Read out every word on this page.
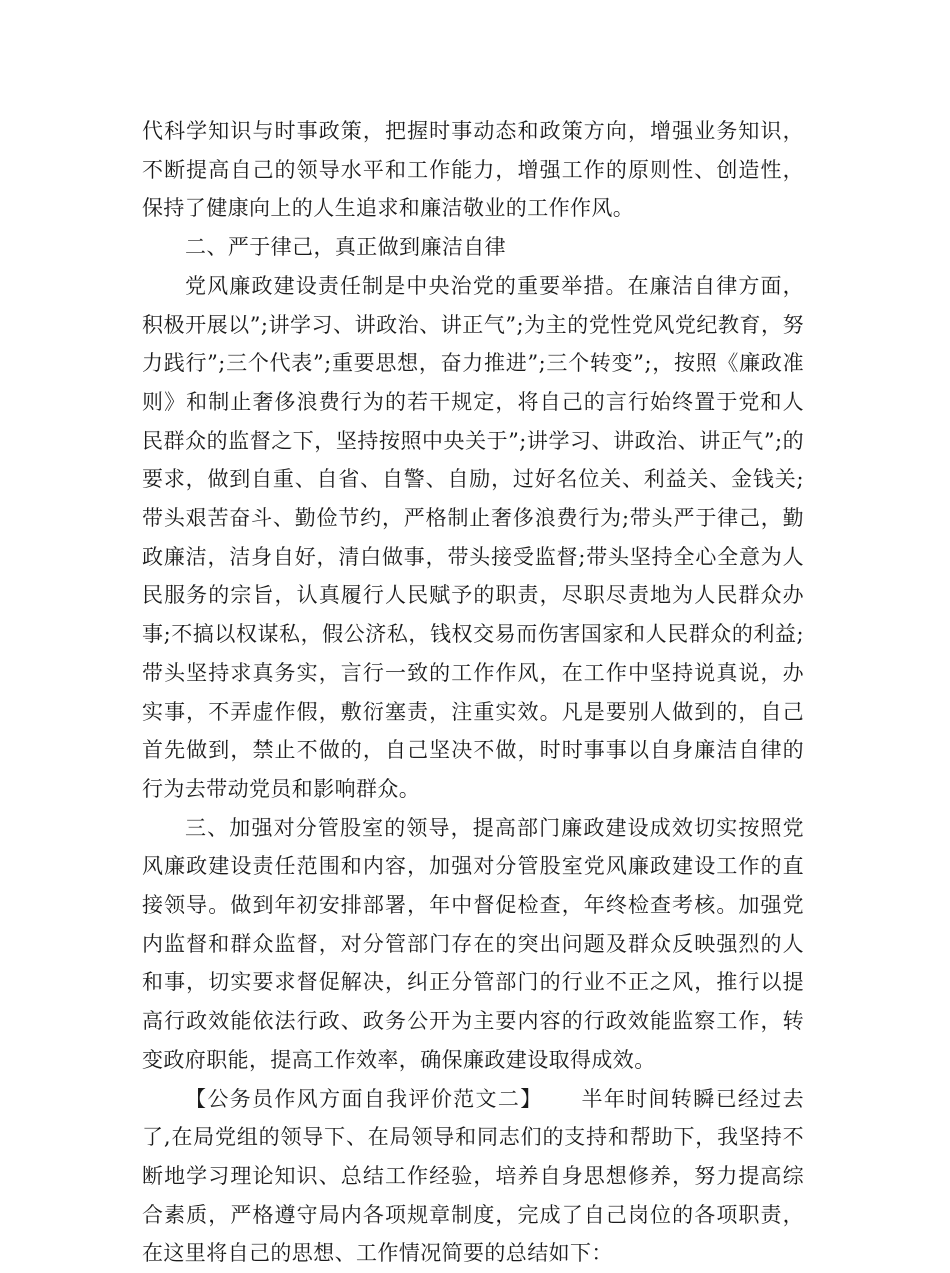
代科学知识与时事政策，把握时事动态和政策方向，增强业务知识，不断提高自己的领导水平和工作能力，增强工作的原则性、创造性，保持了健康向上的人生追求和廉洁敬业的工作作风。

二、严于律己，真正做到廉洁自律

党风廉政建设责任制是中央治党的重要举措。在廉洁自律方面，积极开展以”;讲学习、讲政治、讲正气”;为主的党性党风党纪教育，努力践行”;三个代表”;重要思想，奋力推进”;三个转变”;，按照《廉政准则》和制止奢侈浪费行为的若干规定，将自己的言行始终置于党和人民群众的监督之下，坚持按照中央关于”;讲学习、讲政治、讲正气”;的要求，做到自重、自省、自警、自励，过好名位关、利益关、金钱关;带头艰苦奋斗、勤俭节约，严格制止奢侈浪费行为;带头严于律己，勤政廉洁，洁身自好，清白做事，带头接受监督;带头坚持全心全意为人民服务的宗旨，认真履行人民赋予的职责，尽职尽责地为人民群众办事;不搞以权谋私，假公济私，钱权交易而伤害国家和人民群众的利益;带头坚持求真务实，言行一致的工作作风，在工作中坚持说真说，办实事，不弄虚作假，敷衍塞责，注重实效。凡是要别人做到的，自己首先做到，禁止不做的，自己坚决不做，时时事事以自身廉洁自律的行为去带动党员和影响群众。

三、加强对分管股室的领导，提高部门廉政建设成效切实按照党风廉政建设责任范围和内容，加强对分管股室党风廉政建设工作的直接领导。做到年初安排部署，年中督促检查，年终检查考核。加强党内监督和群众监督，对分管部门存在的突出问题及群众反映强烈的人和事，切实要求督促解决，纠正分管部门的行业不正之风，推行以提高行政效能依法行政、政务公开为主要内容的行政效能监察工作，转变政府职能，提高工作效率，确保廉政建设取得成效。

【公务员作风方面自我评价范文二】 半年时间转瞬已经过去了,在局党组的领导下、在局领导和同志们的支持和帮助下，我坚持不断地学习理论知识、总结工作经验，培养自身思想修养，努力提高综合素质，严格遵守局内各项规章制度，完成了自己岗位的各项职责，在这里将自己的思想、工作情况简要的总结如下：
